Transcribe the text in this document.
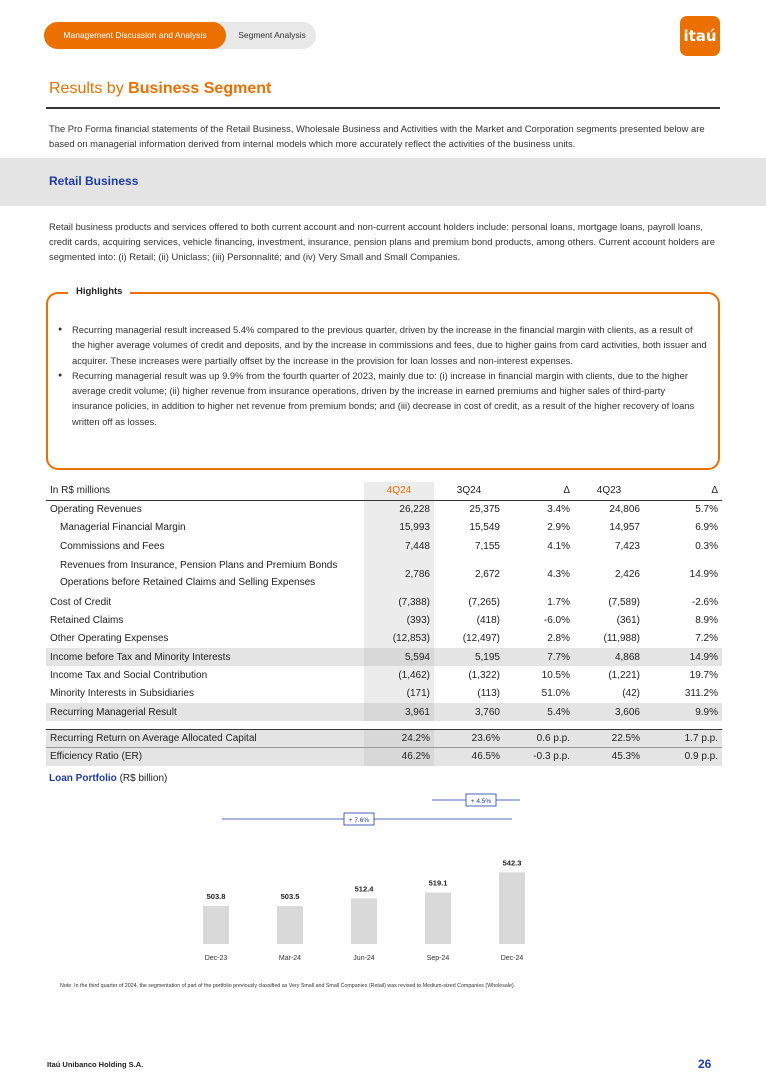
Management Discussion and Analysis	Segment Analysis	itaú
Results by Business Segment

The Pro Forma financial statements of the Retail Business, Wholesale Business and Activities with the Market and Corporation segments presented below are based on managerial information derived from internal models which more accurately reflect the activities of the business units.

Retail Business

Retail business products and services offered to both current account and non-current account holders include: personal loans, mortgage loans, payroll loans, credit cards, acquiring services, vehicle financing, investment, insurance, pension plans and premium bond products, among others. Current account holders are segmented into: (i) Retail; (ii) Uniclass; (iii) Personnalité; and (iv) Very Small and Small Companies.

Highlights
● Recurring managerial result increased 5.4% compared to the previous quarter, driven by the increase in the financial margin with clients, as a result of the higher average volumes of credit and deposits, and by the increase in commissions and fees, due to higher gains from card activities, both issuer and acquirer. These increases were partially offset by the increase in the provision for loan losses and non-interest expenses.
● Recurring managerial result was up 9.9% from the fourth quarter of 2023, mainly due to: (i) increase in financial margin with clients, due to the higher average credit volume; (ii) higher revenue from insurance operations, driven by the increase in earned premiums and higher sales of third-party insurance policies, in addition to higher net revenue from premium bonds; and (iii) decrease in cost of credit, as a result of the higher recovery of loans written off as losses.
In R$ millions	4Q24	3Q24	Δ	4Q23	Δ
Operating Revenues	26,228	25,375	3.4%	24,806	5.7%
Managerial Financial Margin	15,993	15,549	2.9%	14,957	6.9%
Commissions and Fees	7,448	7,155	4.1%	7,423	0.3%

Revenues from Insurance, Pension Plans and Premium Bonds
Operations before Retained Claims and Selling Expenses	2,786	2,672	4.3%	2,426	14.9%
Cost of Credit	(7,388)	(7,265)	1.7%	(7,589)	-2.6%
Retained Claims	(393)	(418)	-6.0%	(361)	8.9%
Other Operating Expenses	(12,853)	(12,497)	2.8%	(11,988)	7.2%
Income before Tax and Minority Interests	5,594	5,195	7.7%	4,868	14.9%
Income Tax and Social Contribution	(1,462)	(1,322)	10.5%	(1,221)	19.7%
Minority Interests in Subsidiaries	(171)	(113)	51.0%	(42)	311.2%
Recurring Managerial Result	3,961	3,760	5.4%	3,606	9.9%

Recurring Return on Average Allocated Capital	24.2%	23.6%	0.6 p.p.	22.5%	1.7 p.p.
Efficiency Ratio (ER)	46.2%	46.5%	-0.3 p.p.	45.3%	0.9 p.p.
Loan Portfolio (R$ billion)
503.8
Dec-23
503.5
Mar-24
512.4
Jun-24
519.1
Sep-24
542.3
Dec-24
+ 7.6%
+ 4.5%
Note: In the third quarter of 2024, the segmentation of part of the portfolio previously classified as Very Small and Small Companies (Retail) was revised to Medium-sized Companies (Wholesale).
Itaú Unibanco Holding S.A.	26
